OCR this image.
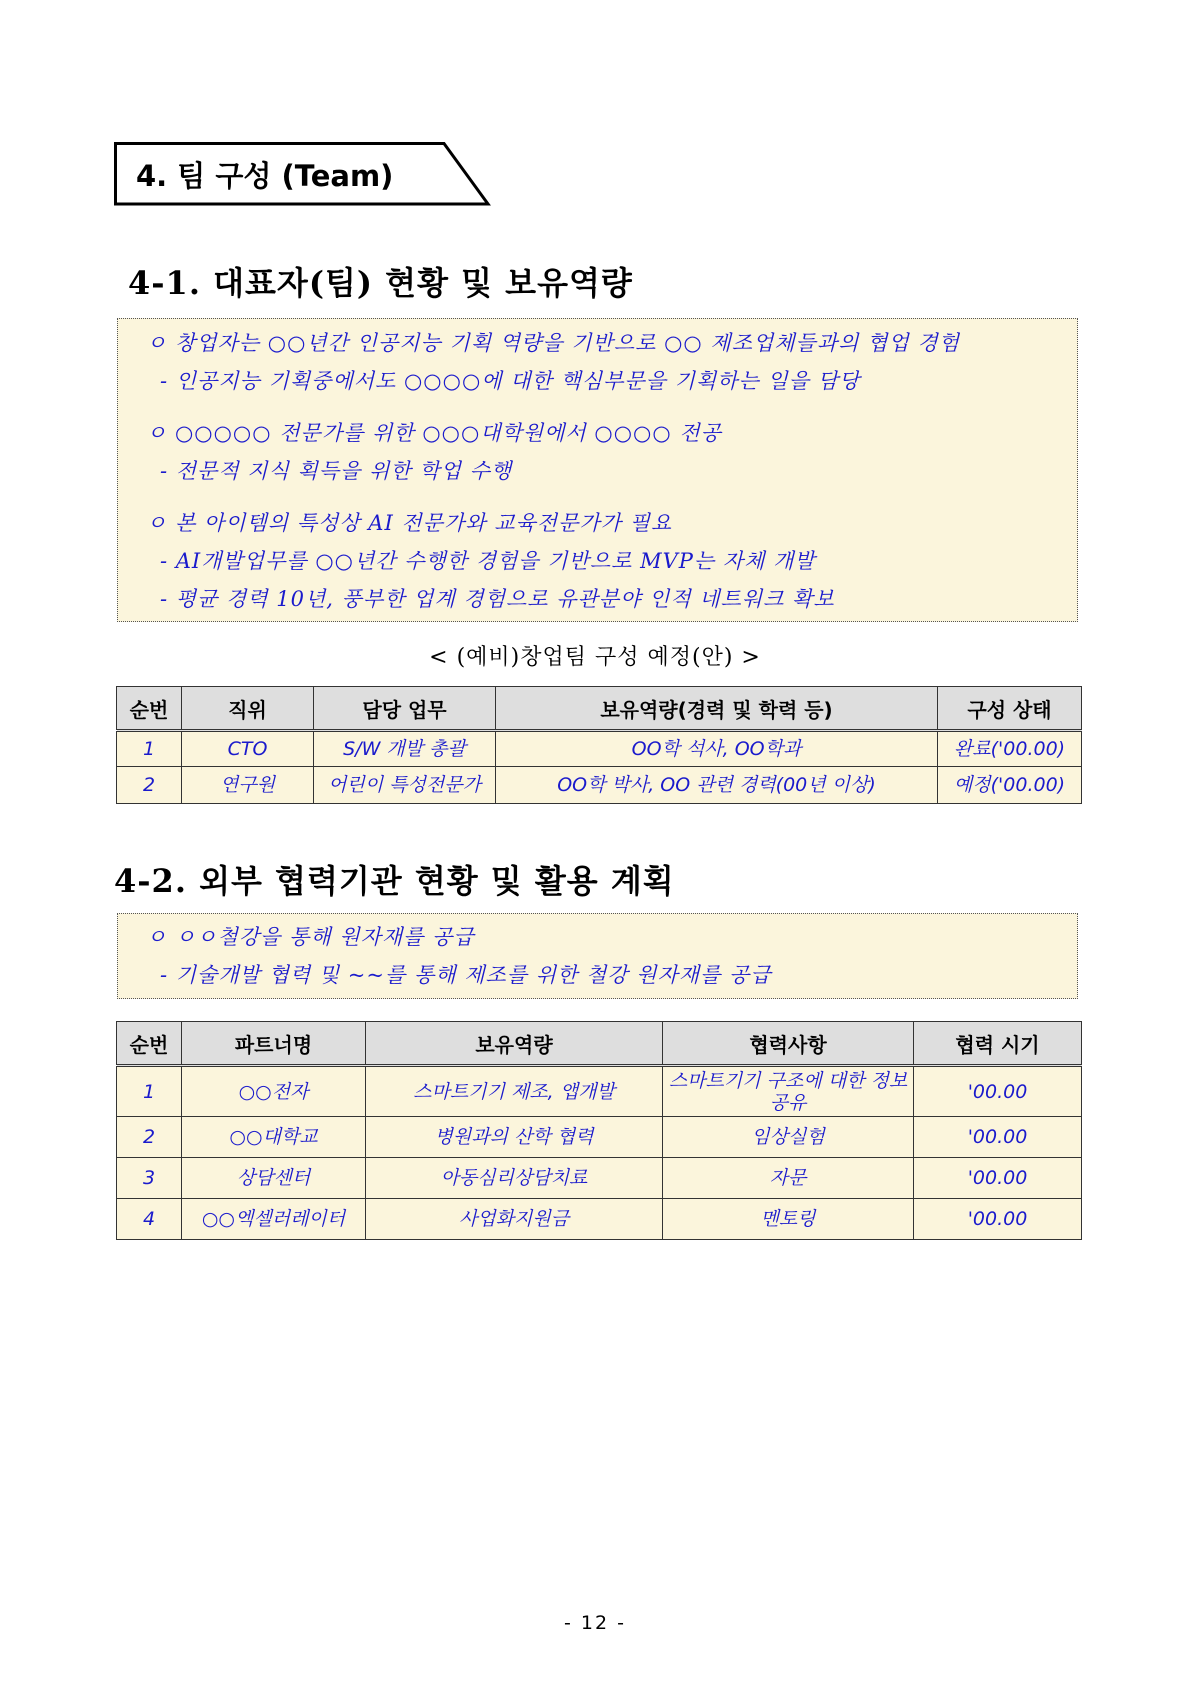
4. 팀 구성 (Team)
4-1. 대표자(팀) 현황 및 보유역량
ㅇ 창업자는 ○○년간 인공지능 기획 역량을 기반으로 ○○ 제조업체들과의 협업 경험
- 인공지능 기획중에서도 ○○○○에 대한 핵심부문을 기획하는 일을 담당
ㅇ ○○○○○ 전문가를 위한 ○○○대학원에서 ○○○○ 전공
- 전문적 지식 획득을 위한 학업 수행
ㅇ 본 아이템의 특성상 AI 전문가와 교육전문가가 필요
- AI개발업무를 ○○년간 수행한 경험을 기반으로 MVP는 자체 개발
- 평균 경력 10년, 풍부한 업계 경험으로 유관분야 인적 네트워크 확보
< (예비)창업팀 구성 예정(안) >
순번	직위	담당 업무	보유역량(경력 및 학력 등)	구성 상태
1	CTO	S/W 개발 총괄	OO학 석사, OO학과	완료('00.00)
2	연구원	어린이 특성전문가	OO학 박사, OO 관련 경력(00년 이상)	예정('00.00)
4-2. 외부 협력기관 현황 및 활용 계획
ㅇ ㅇㅇ철강을 통해 원자재를 공급
- 기술개발 협력 및 ~~를 통해 제조를 위한 철강 원자재를 공급
순번	파트너명	보유역량	협력사항	협력 시기
1	○○전자	스마트기기 제조, 앱개발	스마트기기 구조에 대한 정보 공유	'00.00
2	○○대학교	병원과의 산학 협력	임상실험	'00.00
3	상담센터	아동심리상담치료	자문	'00.00
4	○○엑셀러레이터	사업화지원금	멘토링	'00.00
- 12 -
